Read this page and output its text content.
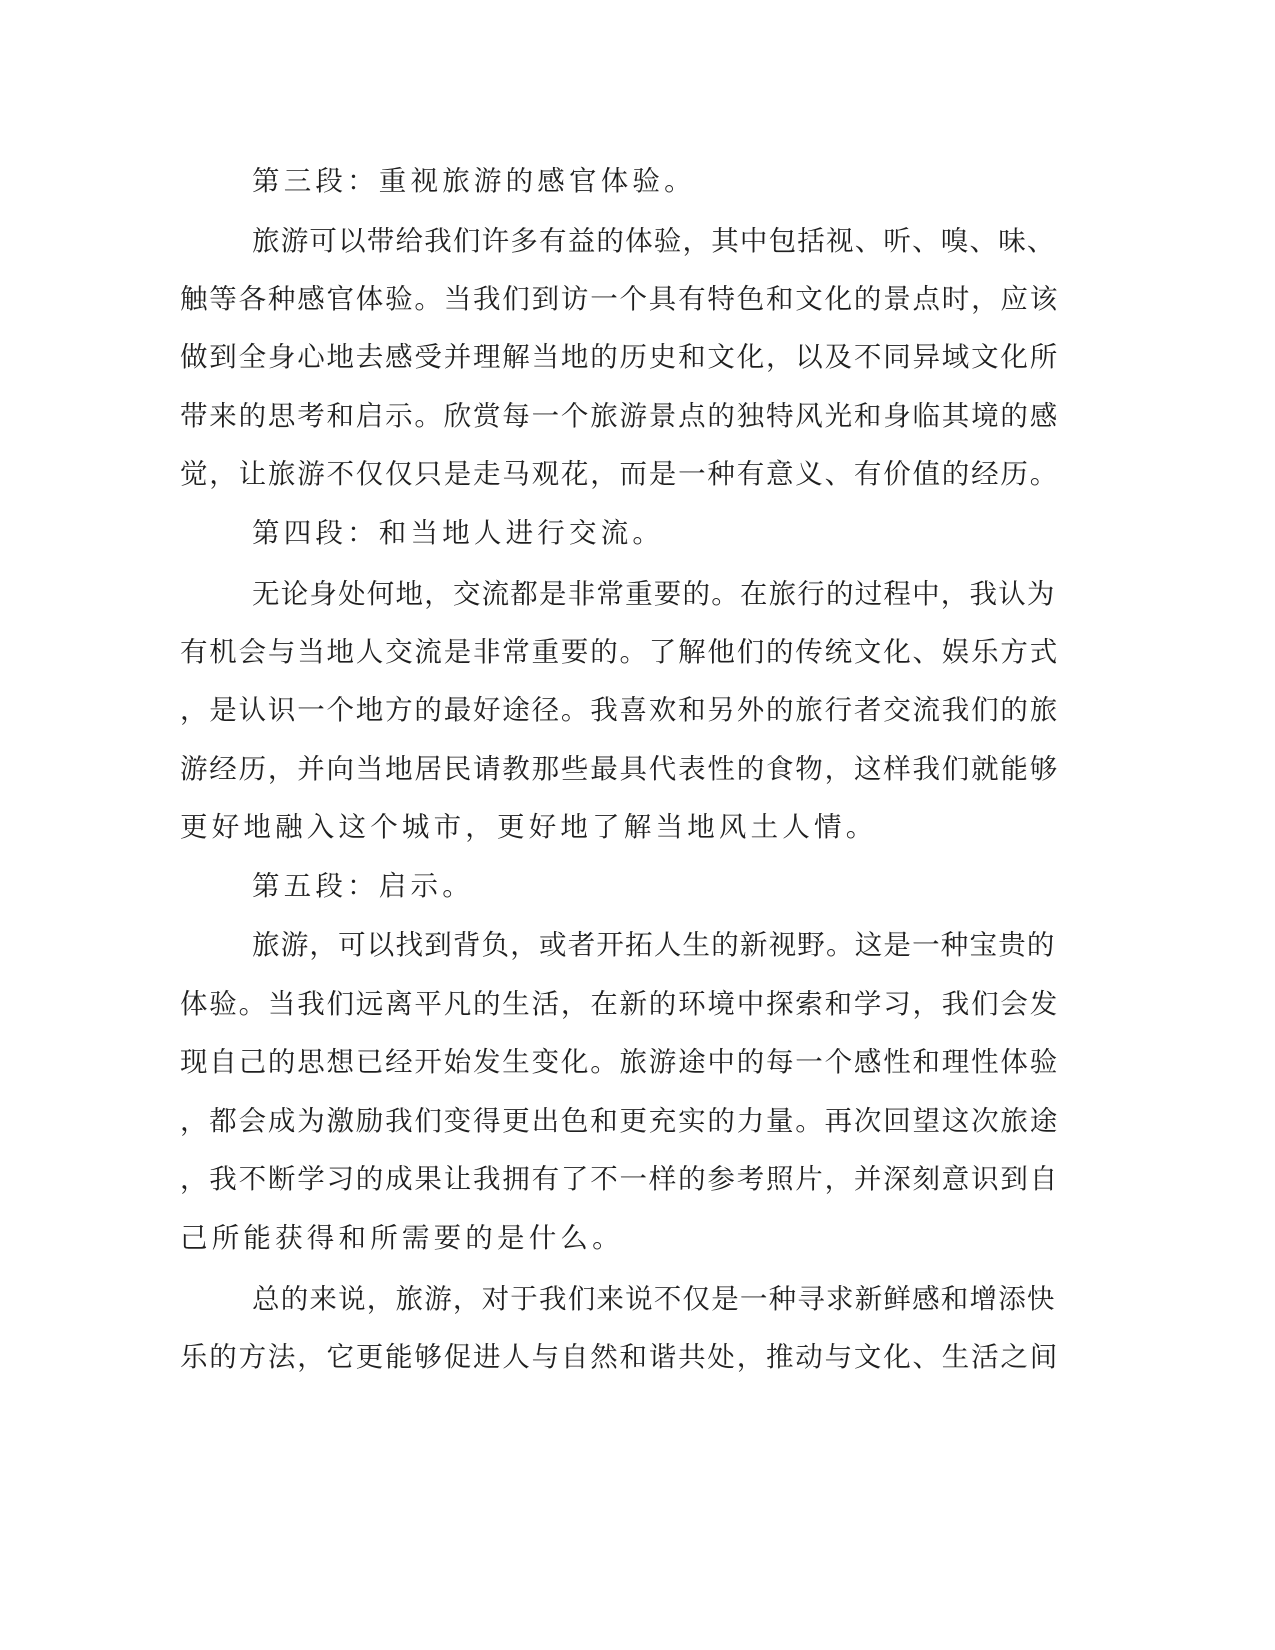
第三段：重视旅游的感官体验。

旅游可以带给我们许多有益的体验，其中包括视、听、嗅、味、

触等各种感官体验。当我们到访一个具有特色和文化的景点时，应该

做到全身心地去感受并理解当地的历史和文化，以及不同异域文化所

带来的思考和启示。欣赏每一个旅游景点的独特风光和身临其境的感

觉，让旅游不仅仅只是走马观花，而是一种有意义、有价值的经历。

第四段：和当地人进行交流。

无论身处何地，交流都是非常重要的。在旅行的过程中，我认为

有机会与当地人交流是非常重要的。了解他们的传统文化、娱乐方式

，是认识一个地方的最好途径。我喜欢和另外的旅行者交流我们的旅

游经历，并向当地居民请教那些最具代表性的食物，这样我们就能够

更好地融入这个城市，更好地了解当地风土人情。

第五段：启示。

旅游，可以找到背负，或者开拓人生的新视野。这是一种宝贵的

体验。当我们远离平凡的生活，在新的环境中探索和学习，我们会发

现自己的思想已经开始发生变化。旅游途中的每一个感性和理性体验

，都会成为激励我们变得更出色和更充实的力量。再次回望这次旅途

，我不断学习的成果让我拥有了不一样的参考照片，并深刻意识到自

己所能获得和所需要的是什么。

总的来说，旅游，对于我们来说不仅是一种寻求新鲜感和增添快

乐的方法，它更能够促进人与自然和谐共处，推动与文化、生活之间
